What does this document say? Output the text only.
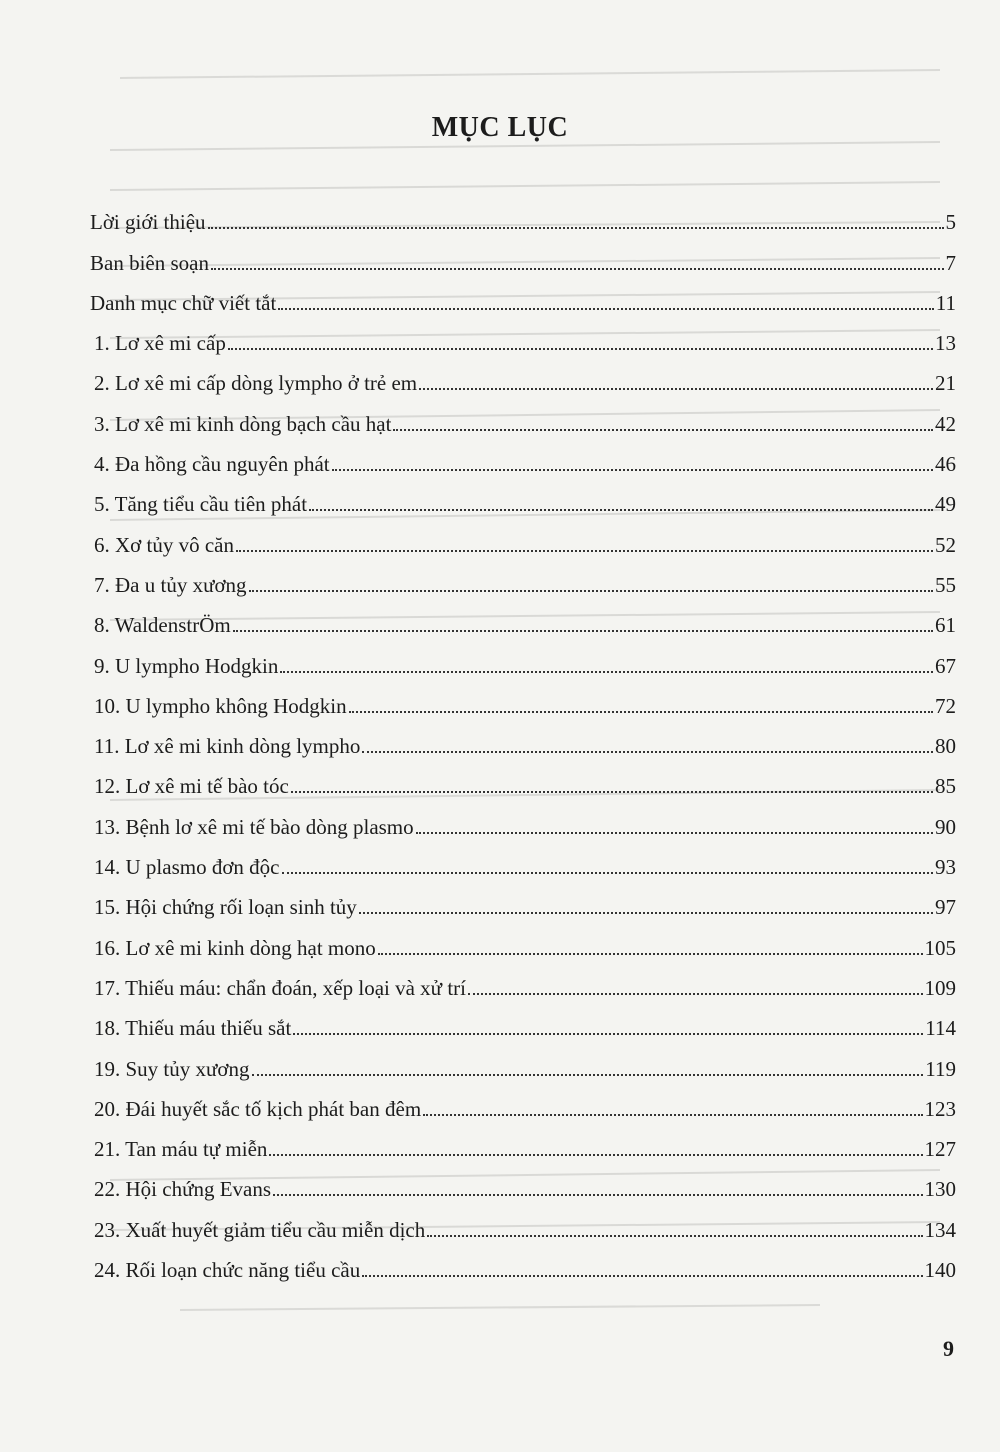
MỤC LỤC
Lời giới thiệu	5
Ban biên soạn	7
Danh mục chữ viết tắt	11
1. Lơ xê mi cấp	13
2. Lơ xê mi cấp dòng lympho ở trẻ em	21
3. Lơ xê mi kinh dòng bạch cầu hạt	42
4. Đa hồng cầu nguyên phát	46
5. Tăng tiểu cầu tiên phát	49
6. Xơ tủy vô căn	52
7. Đa u tủy xương	55
8. WaldenstrÖm	61
9. U lympho Hodgkin	67
10. U lympho không Hodgkin	72
11. Lơ xê mi kinh dòng lympho	80
12. Lơ xê mi tế bào tóc	85
13. Bệnh lơ xê mi tế bào dòng plasmo	90
14. U plasmo đơn độc	93
15. Hội chứng rối loạn sinh tủy	97
16. Lơ xê mi kinh dòng hạt mono	105
17. Thiếu máu: chẩn đoán, xếp loại và xử trí	109
18. Thiếu máu thiếu sắt	114
19. Suy tủy xương	119
20. Đái huyết sắc tố kịch phát ban đêm	123
21. Tan máu tự miễn	127
22. Hội chứng Evans	130
23. Xuất huyết giảm tiểu cầu miễn dịch	134
24. Rối loạn chức năng tiểu cầu	140
9
